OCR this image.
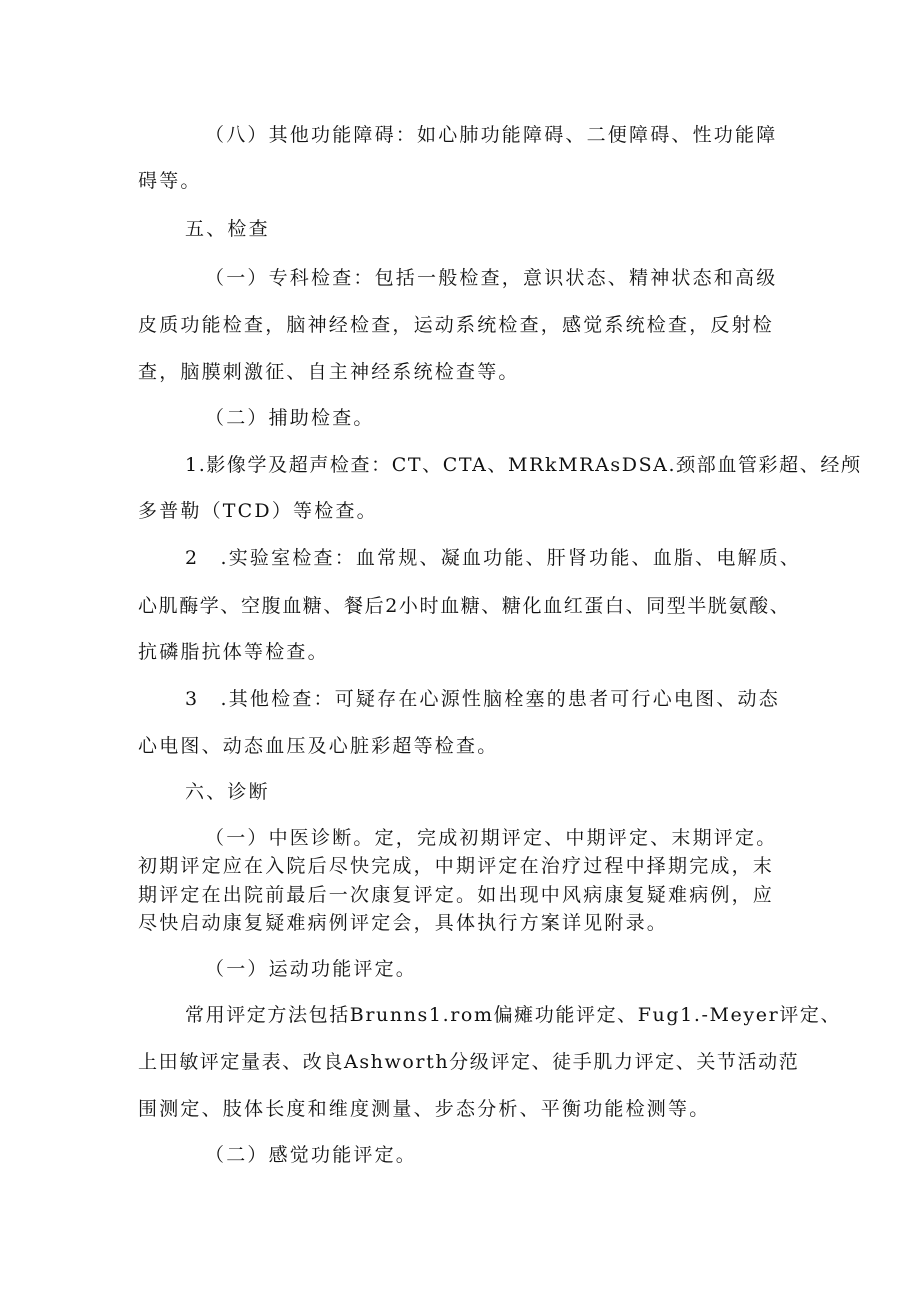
（八）其他功能障碍：如心肺功能障碍、二便障碍、性功能障
碍等。
五、检查
（一）专科检查：包括一般检查，意识状态、精神状态和高级
皮质功能检查，脑神经检查，运动系统检查，感觉系统检查，反射检
查，脑膜刺激征、自主神经系统检查等。
（二）捕助检查。
1.影像学及超声检查：CT、CTA、MRkMRAsDSA.颈部血管彩超、经颅
多普勒（TCD）等检查。
2　.实验室检查：血常规、凝血功能、肝肾功能、血脂、电解质、
心肌酶学、空腹血糖、餐后2小时血糖、糖化血红蛋白、同型半胱氨酸、
抗磷脂抗体等检查。
3　.其他检查：可疑存在心源性脑栓塞的患者可行心电图、动态
心电图、动态血压及心脏彩超等检查。
六、诊断
（一）中医诊断。定，完成初期评定、中期评定、末期评定。
初期评定应在入院后尽快完成，中期评定在治疗过程中择期完成，末
期评定在出院前最后一次康复评定。如出现中风病康复疑难病例，应
尽快启动康复疑难病例评定会，具体执行方案详见附录。
（一）运动功能评定。
常用评定方法包括Brunns1.rom偏瘫功能评定、Fug1.-Meyer评定、
上田敏评定量表、改良Ashworth分级评定、徒手肌力评定、关节活动范
围测定、肢体长度和维度测量、步态分析、平衡功能检测等。
（二）感觉功能评定。
